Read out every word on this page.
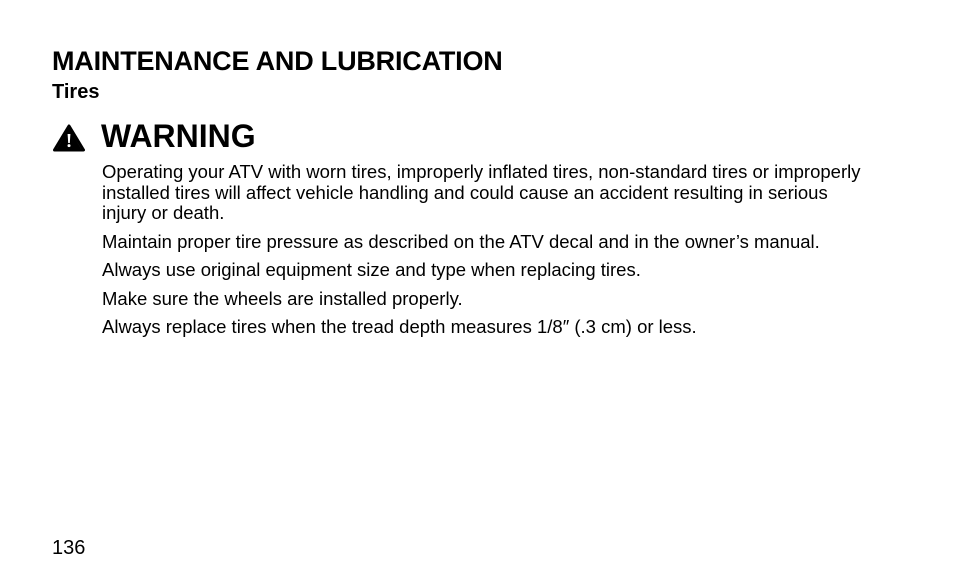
MAINTENANCE AND LUBRICATION
Tires
WARNING

Operating your ATV with worn tires, improperly inflated tires, non-standard tires or improperly installed tires will affect vehicle handling and could cause an accident resulting in serious injury or death.

Maintain proper tire pressure as described on the ATV decal and in the owner’s manual.

Always use original equipment size and type when replacing tires.

Make sure the wheels are installed properly.

Always replace tires when the tread depth measures 1/8″ (.3 cm) or less.

136
